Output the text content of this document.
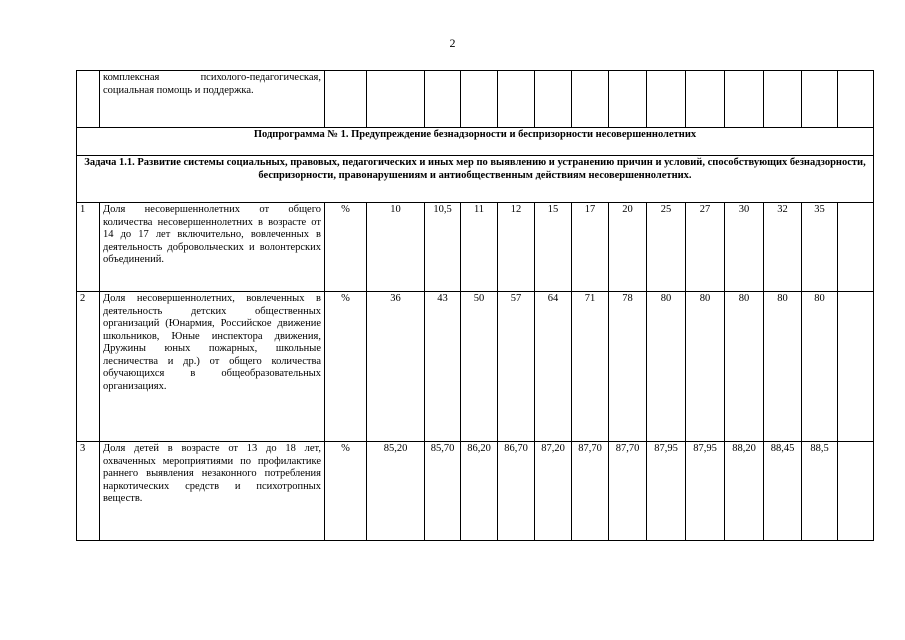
2
	комплексная психолого-педагогическая, социальная помощь и поддержка.														
Подпрограмма № 1. Предупреждение безнадзорности и беспризорности несовершеннолетних															
Задача 1.1. Развитие системы социальных, правовых, педагогических и иных мер по выявлению и устранению причин и условий, способствующих безнадзорности, беспризорности, правонарушениям и антиобщественным действиям несовершеннолетних.															
1	Доля несовершеннолетних от общего количества несовершеннолетних в возрасте от 14 до 17 лет включительно, вовлеченных в деятельность добровольческих и волонтерских объединений.	%	10	10,5	11	12	15	17	20	25	27	30	32	35	
2	Доля несовершеннолетних, вовлеченных в деятельность детских общественных организаций (Юнармия, Российское движение школьников, Юные инспектора движения, Дружины юных пожарных, школьные лесничества и др.) от общего количества обучающихся в общеобразовательных организациях.	%	36	43	50	57	64	71	78	80	80	80	80	80	
3	Доля детей в возрасте от 13 до 18 лет, охваченных мероприятиями по профилактике раннего выявления незаконного потребления наркотических средств и психотропных веществ.	%	85,20	85,70	86,20	86,70	87,20	87,70	87,70	87,95	87,95	88,20	88,45	88,5	
